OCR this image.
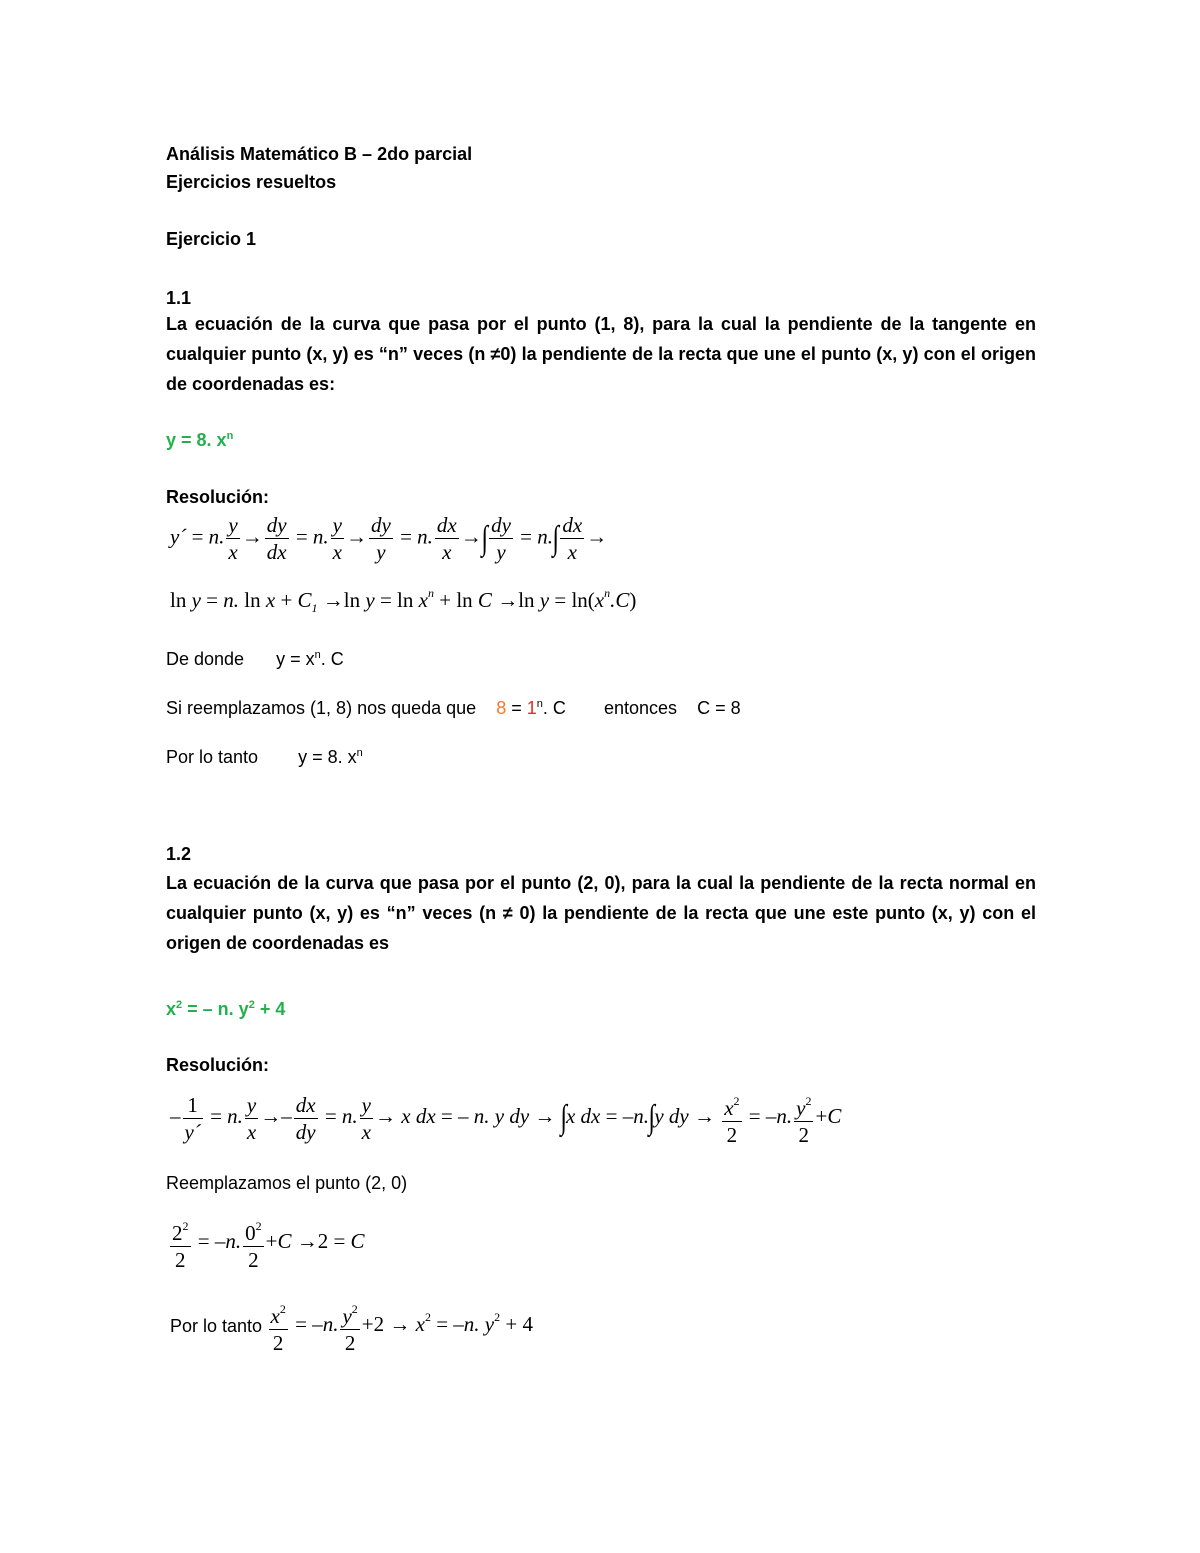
Análisis Matemático B – 2do parcial
Ejercicios resueltos
Ejercicio 1
1.1
La ecuación de la curva que pasa por el punto (1, 8), para la cual la pendiente de la tangente en cualquier punto (x, y) es “n” veces (n ≠0) la pendiente de la recta que une el punto (x, y) con el origen de coordenadas es:
y = 8. $x^n$
Resolución:
y´ = n. $\frac{y}{x} \to \frac{dy}{dx} = n$. $\frac{y}{x} \to \frac{dy}{y} = n$. $\frac{dx}{x}$ →∫ $\frac{dy}{y} = n.\int \frac{dx}{x}$ →
ln y = n. $\ln x + C_1 \to\ln$ $y = \ln x^n + \ln C \to\ln$ $y = \ln(x^n.C)$
De donde $y = x^n$. C
Si reemplazamos (1, 8) nos queda que $8 = 1^n$. C entonces C = 8
Por lo tanto y = 8. $x^n$
1.2
La ecuación de la curva que pasa por el punto (2, 0), para la cual la pendiente de la recta normal en cualquier punto (x, y) es “n” veces (n ≠ 0) la pendiente de la recta que une este punto (x, y) con el origen de coordenadas es
$x^2$ = – n. $y^2 + 4$
Resolución:
– $\frac{1}{y´} = n$. $\frac{y}{x} \to- \frac{dx}{dy} = n$. $\frac{y}{x} \to x$ dx = – n. y dy → ∫x dx = –n.∫y dy → $\frac{x^2}{2} = -n$. $\frac{y^2}{2} +C$
Reemplazamos el punto (2, 0)
$\frac{2^2}{2} = -n$. $\frac{0^2}{2} +C \to 2 = C$
Por lo tanto $\frac{x^2}{2} = -n$. $\frac{y^2}{2} +2 \to x^2 = -n$. $y^2 + 4$
